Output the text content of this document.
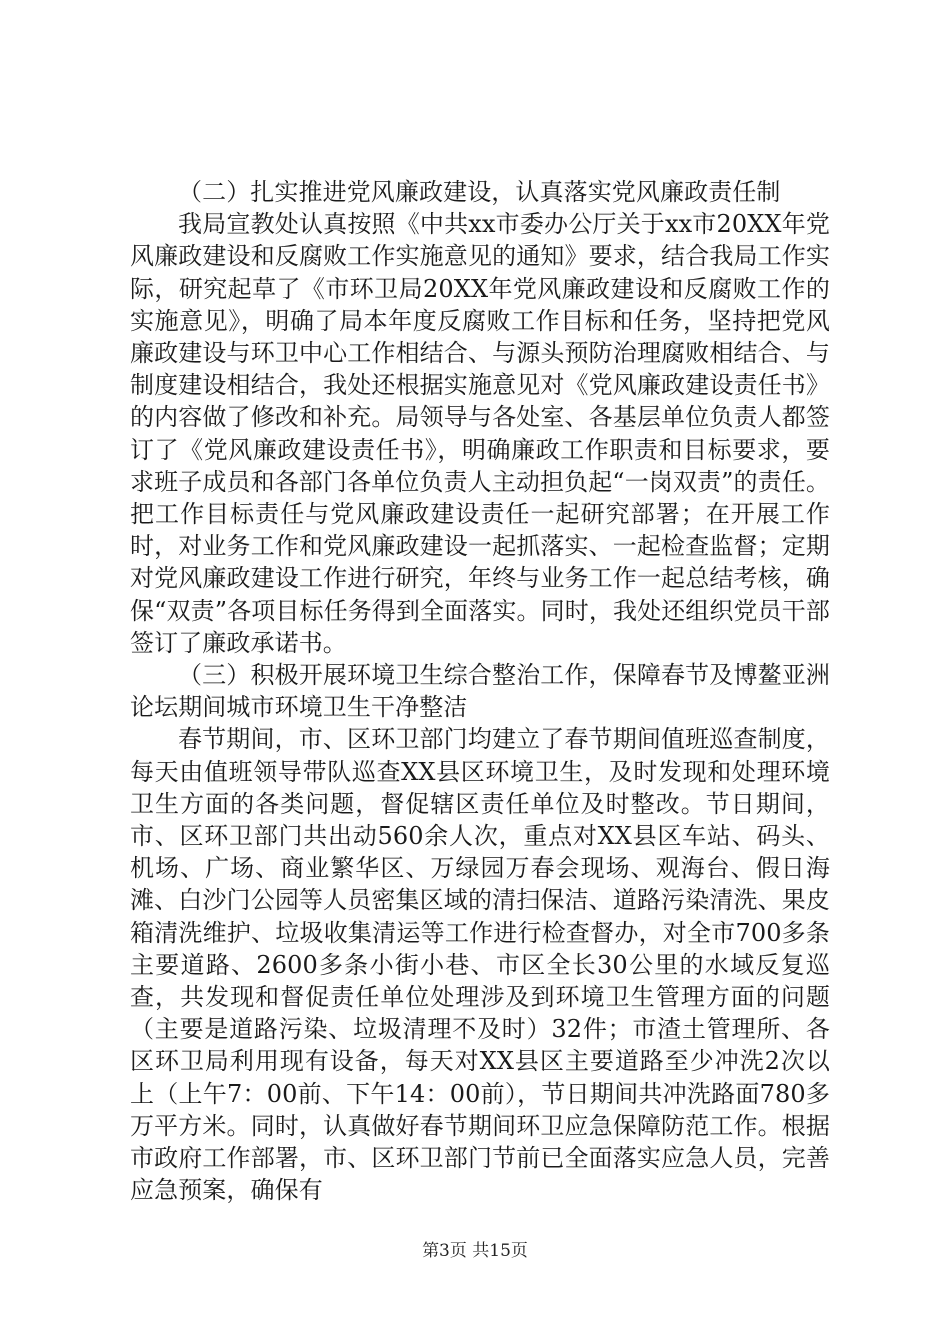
（二）扎实推进党风廉政建设，认真落实党风廉政责任制

我局宣教处认真按照《中共xx市委办公厅关于xx市20XX年党风廉政建设和反腐败工作实施意见的通知》要求，结合我局工作实际，研究起草了《市环卫局20XX年党风廉政建设和反腐败工作的实施意见》，明确了局本年度反腐败工作目标和任务，坚持把党风廉政建设与环卫中心工作相结合、与源头预防治理腐败相结合、与制度建设相结合，我处还根据实施意见对《党风廉政建设责任书》的内容做了修改和补充。局领导与各处室、各基层单位负责人都签订了《党风廉政建设责任书》，明确廉政工作职责和目标要求，要求班子成员和各部门各单位负责人主动担负起“一岗双责”的责任。把工作目标责任与党风廉政建设责任一起研究部署；在开展工作时，对业务工作和党风廉政建设一起抓落实、一起检查监督；定期对党风廉政建设工作进行研究，年终与业务工作一起总结考核，确保“双责”各项目标任务得到全面落实。同时，我处还组织党员干部签订了廉政承诺书。

（三）积极开展环境卫生综合整治工作，保障春节及博鳌亚洲论坛期间城市环境卫生干净整洁

春节期间，市、区环卫部门均建立了春节期间值班巡查制度，每天由值班领导带队巡查XX县区环境卫生，及时发现和处理环境卫生方面的各类问题，督促辖区责任单位及时整改。节日期间，市、区环卫部门共出动560余人次，重点对XX县区车站、码头、机场、广场、商业繁华区、万绿园万春会现场、观海台、假日海滩、白沙门公园等人员密集区域的清扫保洁、道路污染清洗、果皮箱清洗维护、垃圾收集清运等工作进行检查督办，对全市700多条主要道路、2600多条小街小巷、市区全长30公里的水域反复巡查，共发现和督促责任单位处理涉及到环境卫生管理方面的问题（主要是道路污染、垃圾清理不及时）32件；市渣土管理所、各区环卫局利用现有设备，每天对XX县区主要道路至少冲洗2次以上（上午7：00前、下午14：00前），节日期间共冲洗路面780多万平方米。同时，认真做好春节期间环卫应急保障防范工作。根据市政府工作部署，市、区环卫部门节前已全面落实应急人员，完善应急预案，确保有

第3页 共15页
